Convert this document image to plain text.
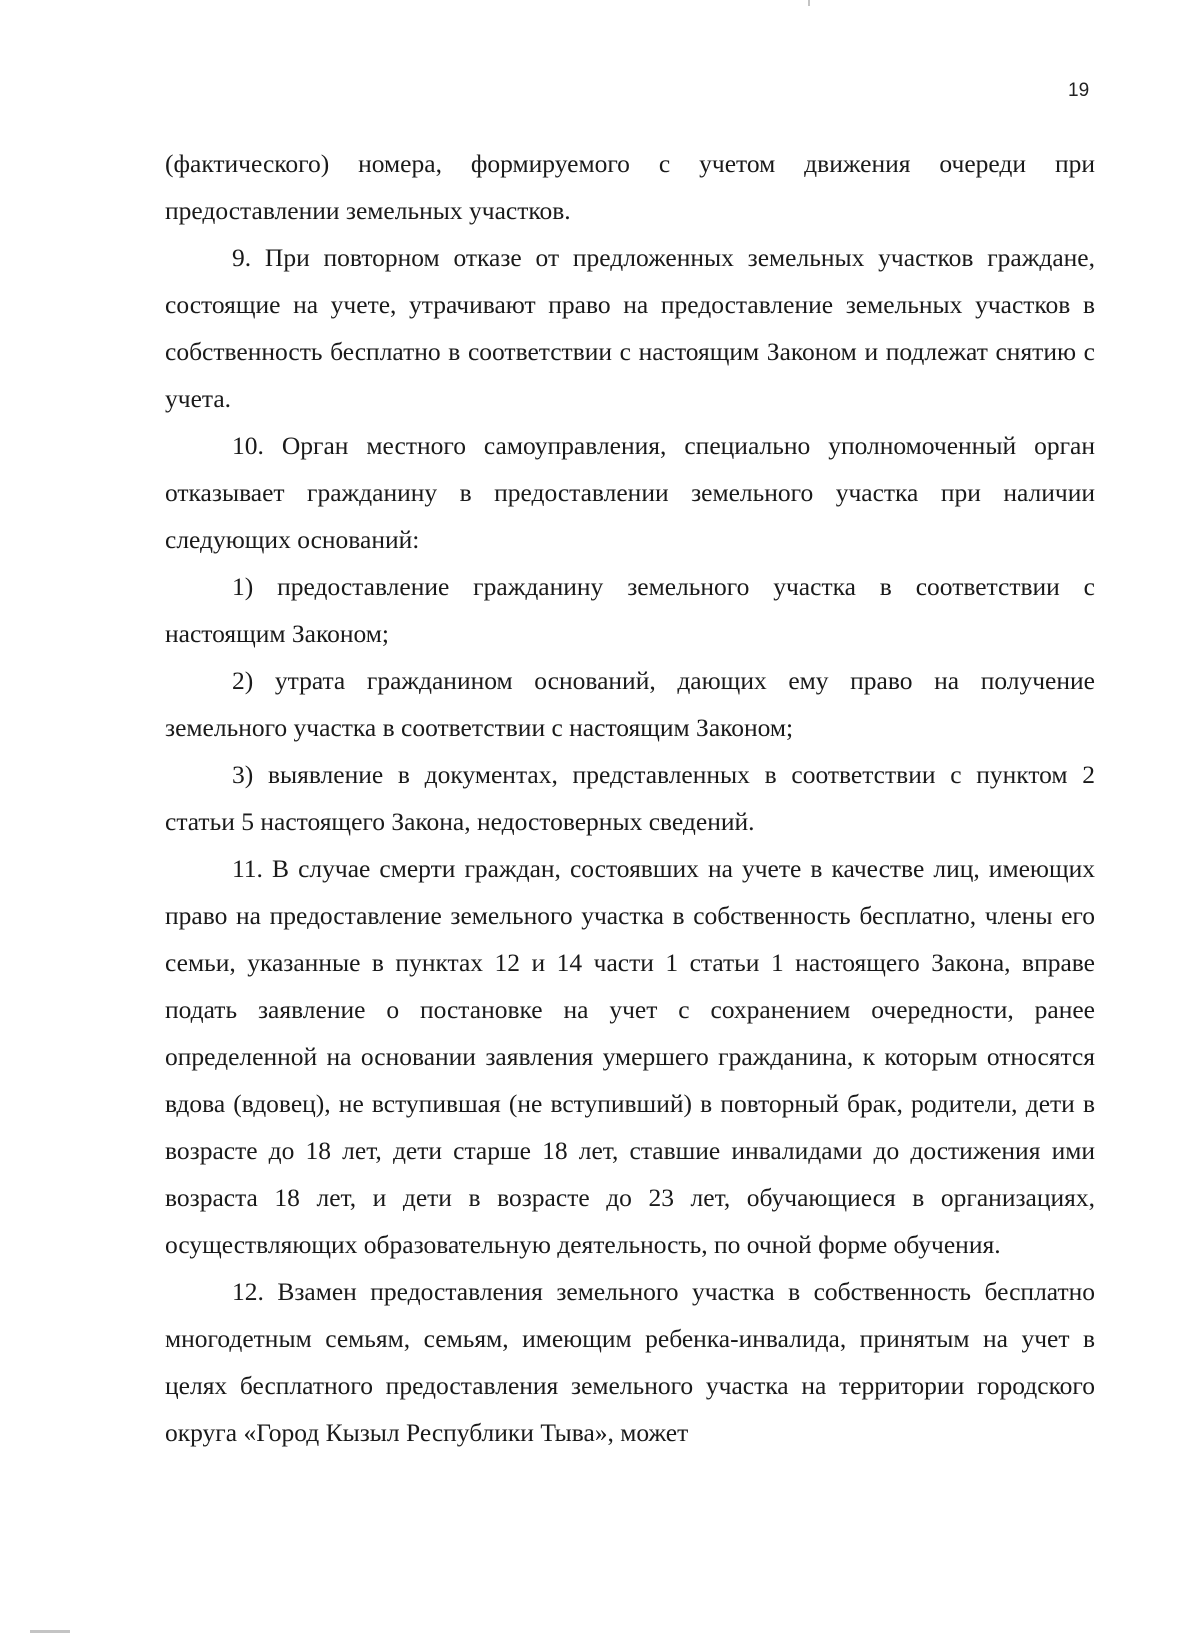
19

(фактического) номера, формируемого с учетом движения очереди при предоставлении земельных участков.

9. При повторном отказе от предложенных земельных участков граждане, состоящие на учете, утрачивают право на предоставление земельных участков в собственность бесплатно в соответствии с настоящим Законом и подлежат снятию с учета.

10. Орган местного самоуправления, специально уполномоченный орган отказывает гражданину в предоставлении земельного участка при наличии следующих оснований:

1) предоставление гражданину земельного участка в соответствии с настоящим Законом;

2) утрата гражданином оснований, дающих ему право на получение земельного участка в соответствии с настоящим Законом;

3) выявление в документах, представленных в соответствии с пунктом 2 статьи 5 настоящего Закона, недостоверных сведений.

11. В случае смерти граждан, состоявших на учете в качестве лиц, имеющих право на предоставление земельного участка в собственность бесплатно, члены его семьи, указанные в пунктах 12 и 14 части 1 статьи 1 настоящего Закона, вправе подать заявление о постановке на учет с сохранением очередности, ранее определенной на основании заявления умершего гражданина, к которым относятся вдова (вдовец), не вступившая (не вступивший) в повторный брак, родители, дети в возрасте до 18 лет, дети старше 18 лет, ставшие инвалидами до достижения ими возраста 18 лет, и дети в возрасте до 23 лет, обучающиеся в организациях, осуществляющих образовательную деятельность, по очной форме обучения.

12. Взамен предоставления земельного участка в собственность бесплатно многодетным семьям, семьям, имеющим ребенка-инвалида, принятым на учет в целях бесплатного предоставления земельного участка на территории городского округа «Город Кызыл Республики Тыва», может
